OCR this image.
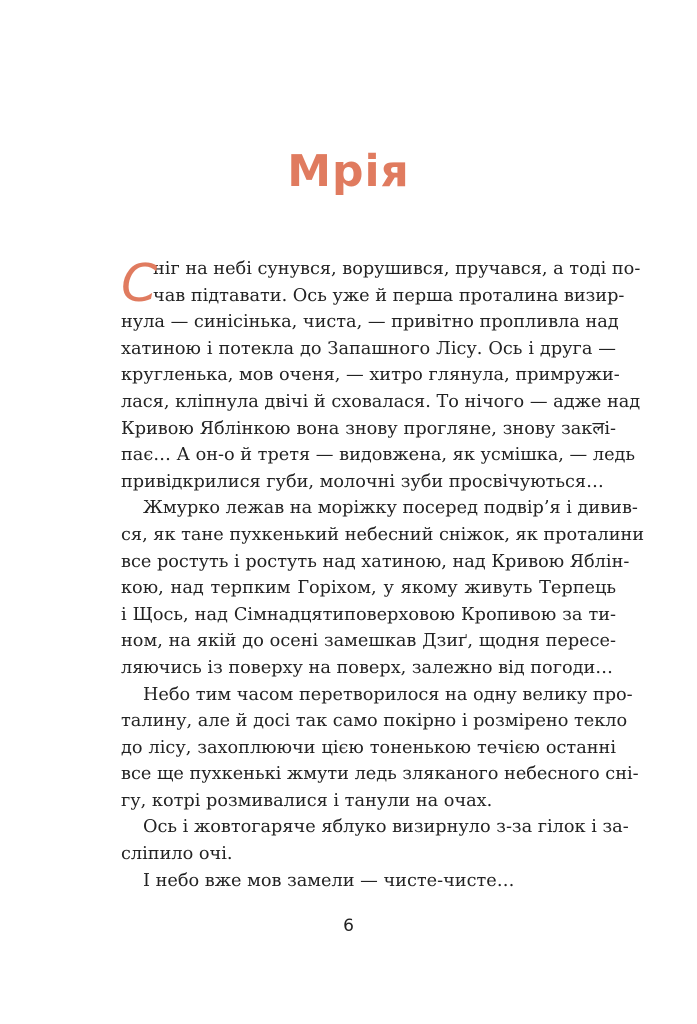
Мрія
С
ніг на небі сунувся, ворушився, пручався, а тоді по-
чав підтавати. Ось уже й перша проталина визир-
нула — синісінька, чиста, — привітно пропливла над
хатиною і потекла до Запашного Лісу. Ось і друга —
кругленька, мов оченя, — хитро глянула, примружи-
лася, кліпнула двічі й сховалася. То нічого — адже над
Кривою Яблінкою вона знову прогляне, знову закलі-
пає… А он-о й третя — видовжена, як усмішка, — ледь
привідкрилися губи, молочні зуби просвічуються…
Жмурко лежав на моріжку посеред подвір’я і дивив-
ся, як тане пухкенький небесний сніжок, як проталини
все ростуть і ростуть над хатиною, над Кривою Яблін-
кою, над терпким Горіхом, у якому живуть Терпець
і Щось, над Сімнадцятиповерховою Кропивою за ти-
ном, на якій до осені замешкав Дзиґ, щодня пересе-
ляючись із поверху на поверх, залежно від погоди…
Небо тим часом перетворилося на одну велику про-
талину, але й досі так само покірно і розмірено текло
до лісу, захоплюючи цією тоненькою течією останні
все ще пухкенькі жмути ледь зляканого небесного сні-
гу, котрі розмивалися і танули на очах.
Ось і жовтогаряче яблуко визирнуло з-за гілок і за-
сліпило очі.
І небо вже мов замели — чисте-чисте…
6
